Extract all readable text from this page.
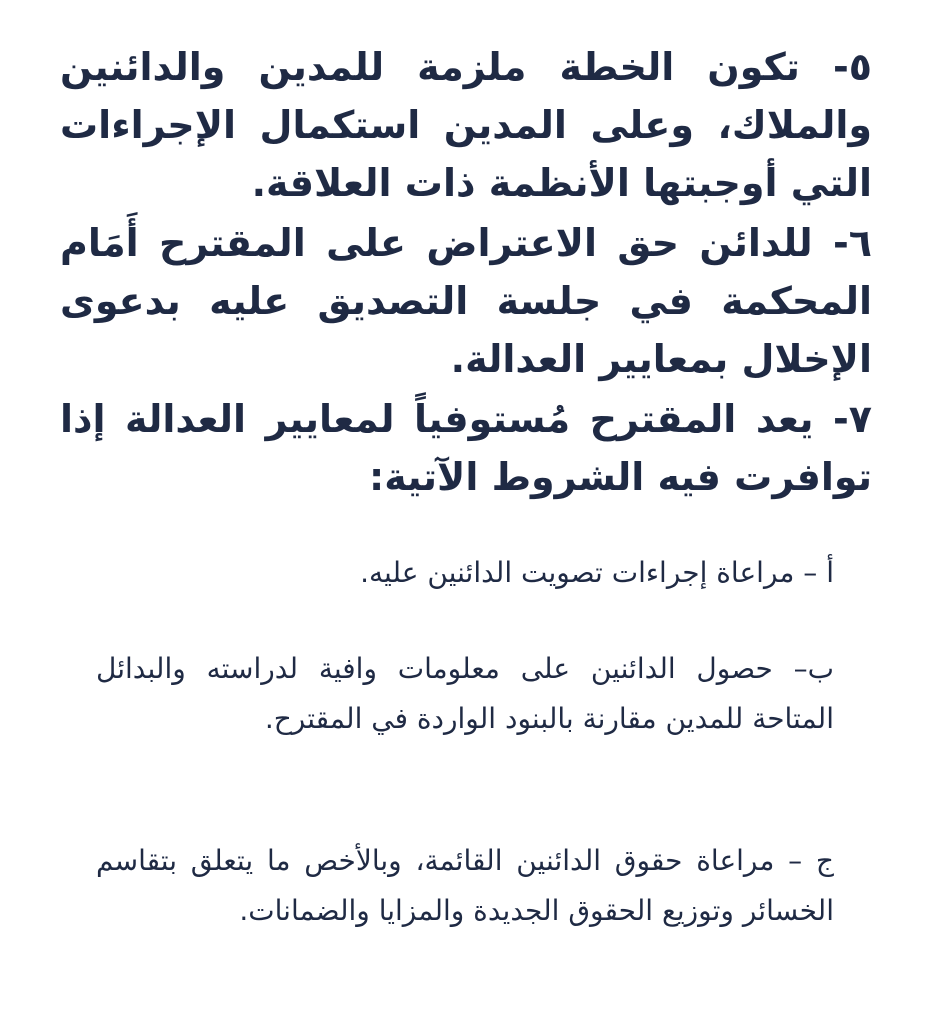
٥- تكون الخطة ملزمة للمدين والدائنين والملاك، وعلى المدين استكمال الإجراءات التي أوجبتها الأنظمة ذات العلاقة.

٦- للدائن حق الاعتراض على المقترح أَمَام المحكمة في جلسة التصديق عليه بدعوى الإخلال بمعايير العدالة.

٧- يعد المقترح مُستوفياً لمعايير العدالة إذا توافرت فيه الشروط الآتية:

أ – مراعاة إجراءات تصويت الدائنين عليه.

ب– حصول الدائنين على معلومات وافية لدراسته والبدائل المتاحة للمدين مقارنة بالبنود الواردة في المقترح.

ج – مراعاة حقوق الدائنين القائمة، وبالأخص ما يتعلق بتقاسم الخسائر وتوزيع الحقوق الجديدة والمزايا والضمانات.
